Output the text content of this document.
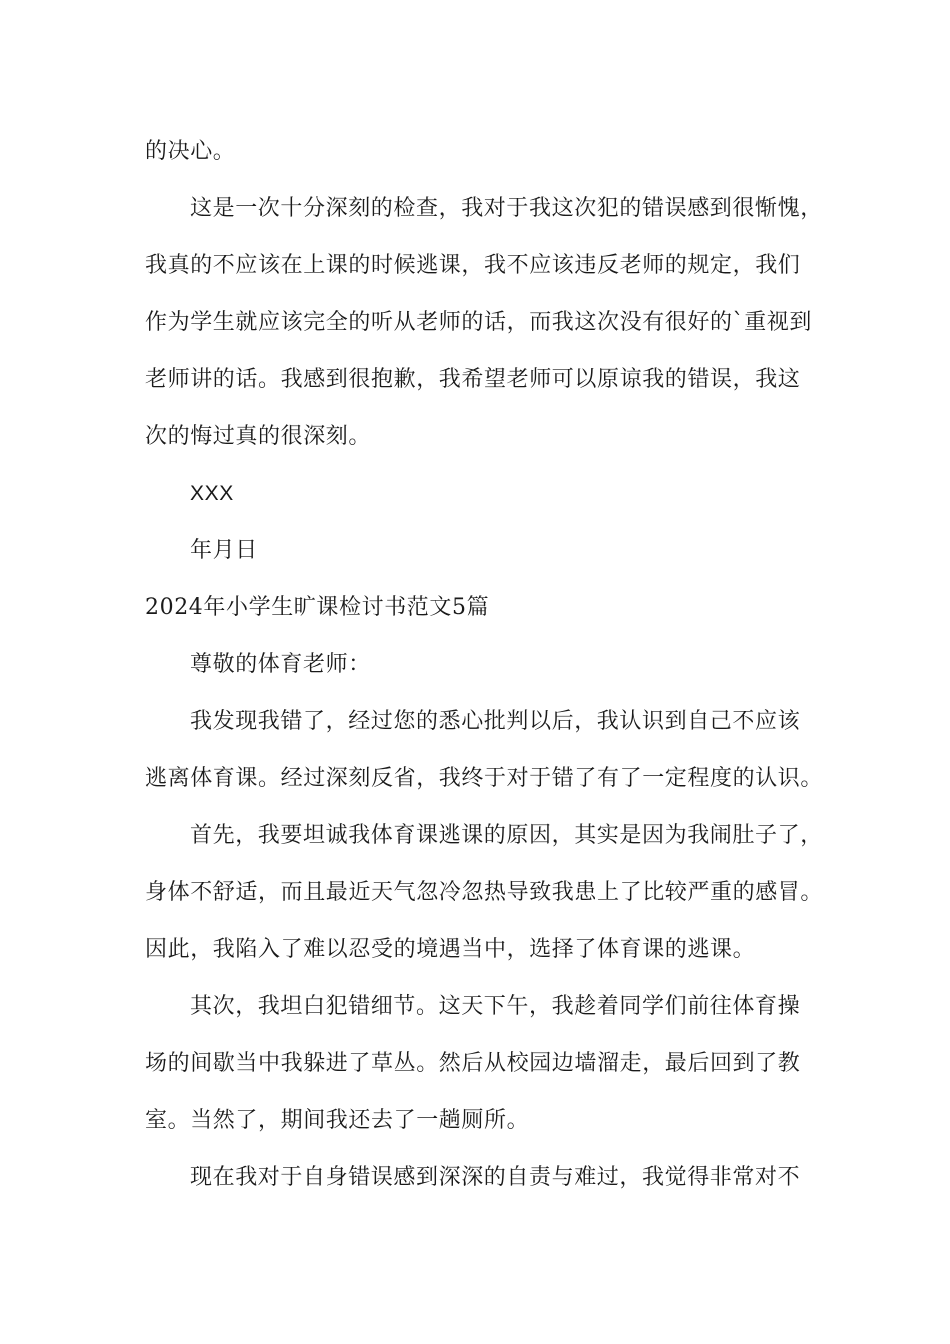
的决心。
这是一次十分深刻的检查，我对于我这次犯的错误感到很惭愧，
我真的不应该在上课的时候逃课，我不应该违反老师的规定，我们
作为学生就应该完全的听从老师的话，而我这次没有很好的`重视到
老师讲的话。我感到很抱歉，我希望老师可以原谅我的错误，我这
次的悔过真的很深刻。
XXX
年月日
2024年小学生旷课检讨书范文5篇
尊敬的体育老师：
我发现我错了，经过您的悉心批判以后，我认识到自己不应该
逃离体育课。经过深刻反省，我终于对于错了有了一定程度的认识。
首先，我要坦诚我体育课逃课的原因，其实是因为我闹肚子了，
身体不舒适，而且最近天气忽冷忽热导致我患上了比较严重的感冒。
因此，我陷入了难以忍受的境遇当中，选择了体育课的逃课。
其次，我坦白犯错细节。这天下午，我趁着同学们前往体育操
场的间歇当中我躲进了草丛。然后从校园边墙溜走，最后回到了教
室。当然了，期间我还去了一趟厕所。
现在我对于自身错误感到深深的自责与难过，我觉得非常对不
